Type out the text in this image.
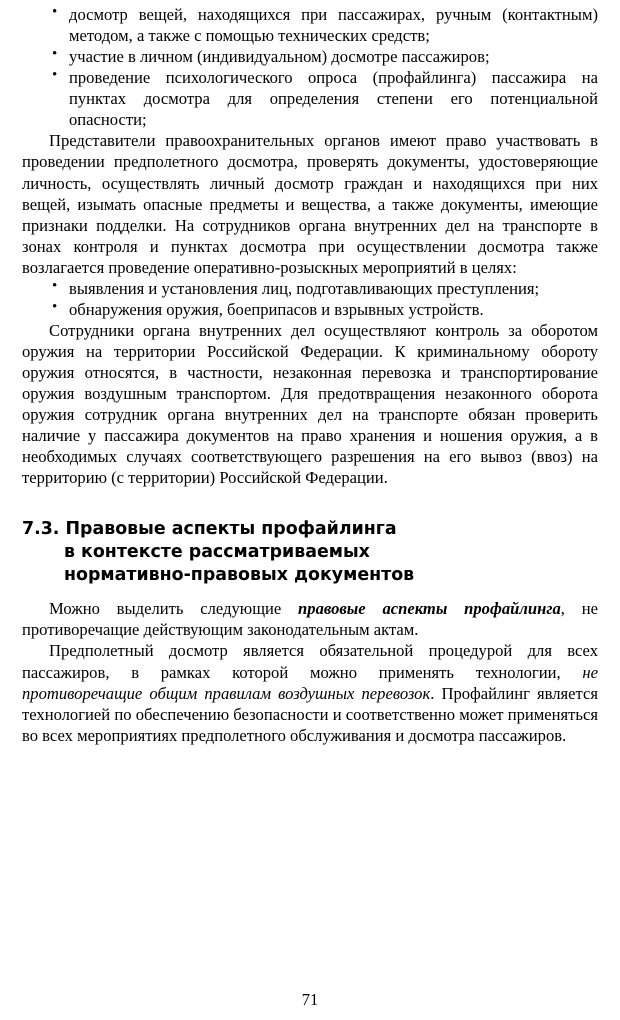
• досмотр вещей, находящихся при пассажирах, ручным (контактным) методом, а также с помощью технических средств;
• участие в личном (индивидуальном) досмотре пассажиров;
• проведение психологического опроса (профайлинга) пассажира на пунктах досмотра для определения степени его потенциальной опасности;

Представители правоохранительных органов имеют право участвовать в проведении предполетного досмотра, проверять документы, удостоверяющие личность, осуществлять личный досмотр граждан и находящихся при них вещей, изымать опасные предметы и вещества, а также документы, имеющие признаки подделки. На сотрудников органа внутренних дел на транспорте в зонах контроля и пунктах досмотра при осуществлении досмотра также возлагается проведение оперативно-розыскных мероприятий в целях:

• выявления и установления лиц, подготавливающих преступления;
• обнаружения оружия, боеприпасов и взрывных устройств.

Сотрудники органа внутренних дел осуществляют контроль за оборотом оружия на территории Российской Федерации. К криминальному обороту оружия относятся, в частности, незаконная перевозка и транспортирование оружия воздушным транспортом. Для предотвращения незаконного оборота оружия сотрудник органа внутренних дел на транспорте обязан проверить наличие у пассажира документов на право хранения и ношения оружия, а в необходимых случаях соответствующего разрешения на его вывоз (ввоз) на территорию (с территории) Российской Федерации.

7.3. Правовые аспекты профайлинга
в контексте рассматриваемых
нормативно-правовых документов

Можно выделить следующие правовые аспекты профайлинга, не противоречащие действующим законодательным актам.

Предполетный досмотр является обязательной процедурой для всех пассажиров, в рамках которой можно применять технологии, не противоречащие общим правилам воздушных перевозок. Профайлинг является технологией по обеспечению безопасности и соответственно может применяться во всех мероприятиях предполетного обслуживания и досмотра пассажиров.

71
